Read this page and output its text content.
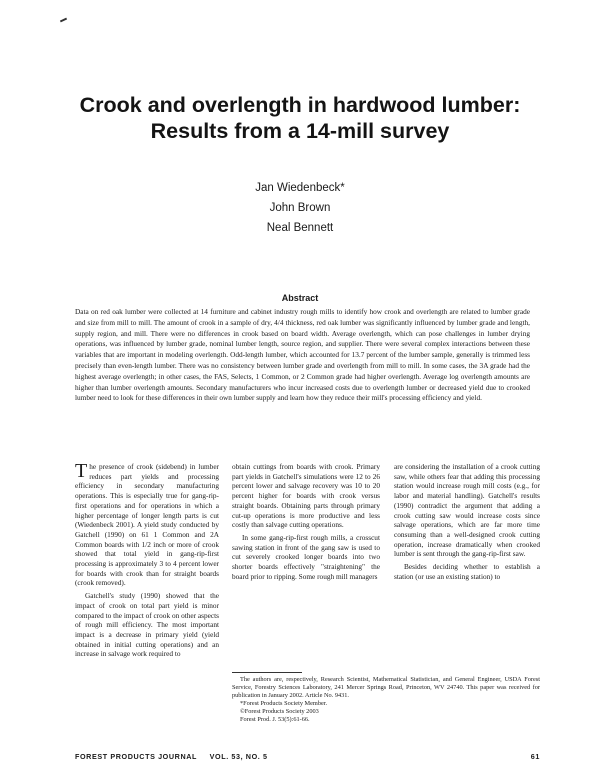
Crook and overlength in hardwood lumber:
Results from a 14-mill survey
Jan Wiedenbeck*
John Brown
Neal Bennett
Abstract
Data on red oak lumber were collected at 14 furniture and cabinet industry rough mills to identify how crook and overlength are related to lumber grade and size from mill to mill. The amount of crook in a sample of dry, 4/4 thickness, red oak lumber was significantly influenced by lumber grade and length, supply region, and mill. There were no differences in crook based on board width. Average overlength, which can pose challenges in lumber drying operations, was influenced by lumber grade, nominal lumber length, source region, and supplier. There were several complex interactions between these variables that are important in modeling overlength. Odd-length lumber, which accounted for 13.7 percent of the lumber sample, generally is trimmed less precisely than even-length lumber. There was no consistency between lumber grade and overlength from mill to mill. In some cases, the 3A grade had the highest average overlength; in other cases, the FAS, Selects, 1 Common, or 2 Common grade had higher overlength. Average log overlength amounts are higher than lumber overlength amounts. Secondary manufacturers who incur increased costs due to overlength lumber or decreased yield due to crooked lumber need to look for these differences in their own lumber supply and learn how they reduce their mill's processing efficiency and yield.

The presence of crook (sidebend) in lumber reduces part yields and processing efficiency in secondary manufacturing operations. This is especially true for gang-rip-first operations and for operations in which a higher percentage of longer length parts is cut (Wiedenbeck 2001). A yield study conducted by Gatchell (1990) on 61 1 Common and 2A Common boards with 1/2 inch or more of crook showed that total yield in gang-rip-first processing is approximately 3 to 4 percent lower for boards with crook than for straight boards (crook removed).

Gatchell's study (1990) showed that the impact of crook on total part yield is minor compared to the impact of crook on other aspects of rough mill efficiency. The most important impact is a decrease in primary yield (yield obtained in initial cutting operations) and an increase in salvage work required to

obtain cuttings from boards with crook. Primary part yields in Gatchell's simulations were 12 to 26 percent lower and salvage recovery was 10 to 20 percent higher for boards with crook versus straight boards. Obtaining parts through primary cut-up operations is more productive and less costly than salvage cutting operations.

In some gang-rip-first rough mills, a crosscut sawing station in front of the gang saw is used to cut severely crooked longer boards into two shorter boards effectively "straightening" the board prior to ripping. Some rough mill managers

are considering the installation of a crook cutting saw, while others fear that adding this processing station would increase rough mill costs (e.g., for labor and material handling). Gatchell's results (1990) contradict the argument that adding a crook cutting saw would increase costs since salvage operations, which are far more time consuming than a well-designed crook cutting operation, increase dramatically when crooked lumber is sent through the gang-rip-first saw.

Besides deciding whether to establish a station (or use an existing station) to

The authors are, respectively, Research Scientist, Mathematical Statistician, and General Engineer, USDA Forest Service, Forestry Sciences Laboratory, 241 Mercer Springs Road, Princeton, WV 24740. This paper was received for publication in January 2002. Article No. 9431.
*Forest Products Society Member.
©Forest Products Society 2003
Forest Prod. J. 53(5):61-66.
FOREST PRODUCTS JOURNAL VOL. 53, NO. 5	61
